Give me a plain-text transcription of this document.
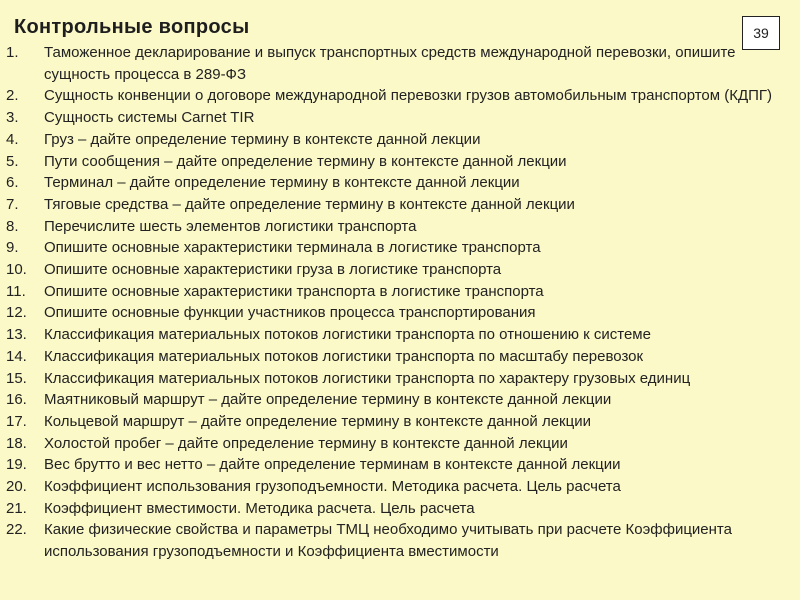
Контрольные вопросы	39
1.	Таможенное декларирование и выпуск транспортных средств международной перевозки, опишите сущность процесса в 289-ФЗ
2.	Сущность конвенции о договоре международной перевозки грузов автомобильным транспортом (КДПГ)
3.	Сущность системы Carnet TIR
4.	Груз – дайте определение термину в контексте данной лекции
5.	Пути сообщения – дайте определение термину в контексте данной лекции
6.	Терминал – дайте определение термину в контексте данной лекции
7.	Тяговые средства – дайте определение термину в контексте данной лекции
8.	Перечислите шесть элементов логистики транспорта
9.	Опишите основные характеристики терминала в логистике транспорта
10.	Опишите основные характеристики груза в логистике транспорта
11.	Опишите основные характеристики транспорта в логистике транспорта
12.	Опишите основные функции участников процесса транспортирования
13.	Классификация материальных потоков логистики транспорта по отношению к системе
14.	Классификация материальных потоков логистики транспорта по масштабу перевозок
15.	Классификация материальных потоков логистики транспорта по характеру грузовых единиц
16.	Маятниковый маршрут – дайте определение термину в контексте данной лекции
17.	Кольцевой маршрут – дайте определение термину в контексте данной лекции
18.	Холостой пробег – дайте определение термину в контексте данной лекции
19.	Вес брутто и вес нетто – дайте определение терминам в контексте данной лекции
20.	Коэффициент использования грузоподъемности. Методика расчета. Цель расчета
21.	Коэффициент вместимости. Методика расчета. Цель расчета
22.	Какие физические свойства и параметры ТМЦ необходимо учитывать при расчете Коэффициента использования грузоподъемности и Коэффициента вместимости
